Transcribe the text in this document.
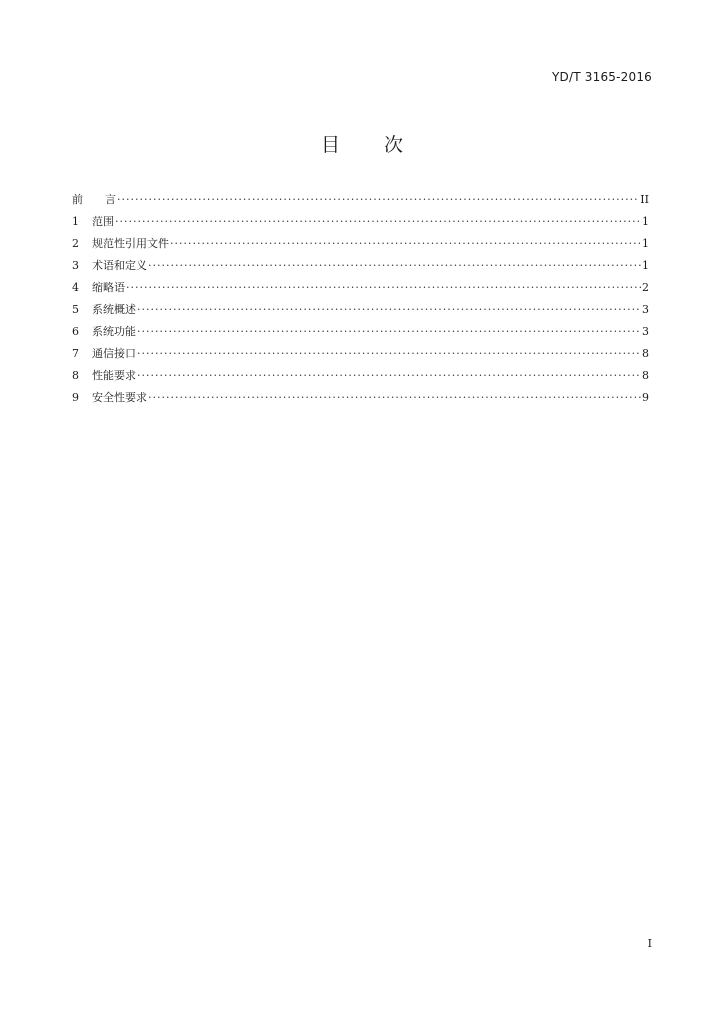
YD/T 3165-2016
目 次
前言 ·····	II
1	范围 ·····	1
2	规范性引用文件 ·····	1
3	术语和定义 ·····	1
4	缩略语 ·····	2
5	系统概述 ·····	3
6	系统功能 ·····	3
7	通信接口 ·····	8
8	性能要求 ·····	8
9	安全性要求 ·····	9
I
